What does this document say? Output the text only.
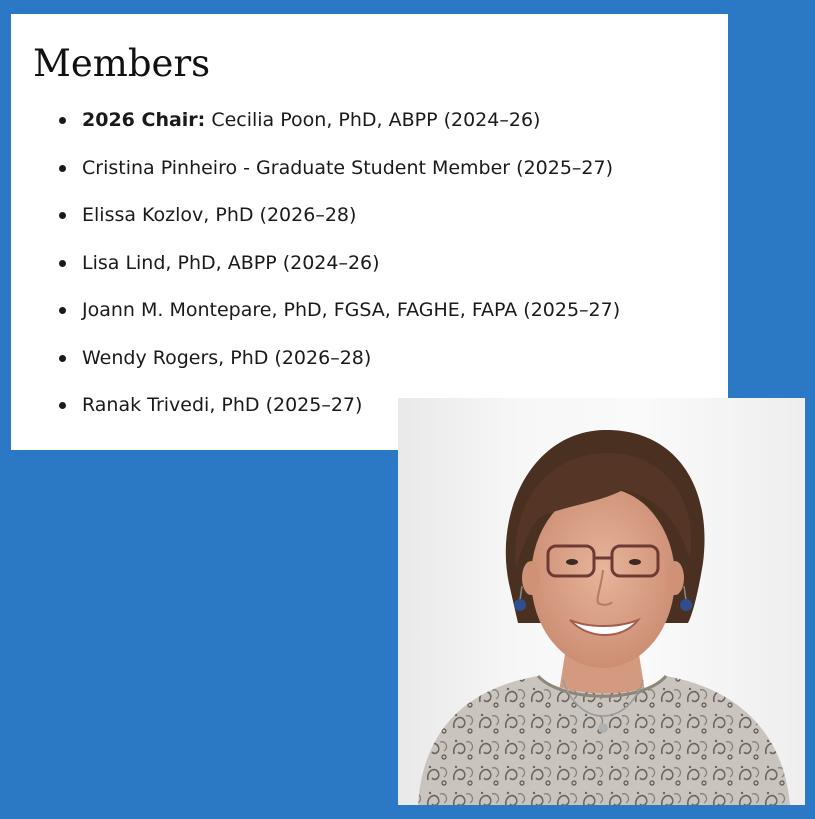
Members
2026 Chair: Cecilia Poon, PhD, ABPP (2024–26)
Cristina Pinheiro - Graduate Student Member (2025–27)
Elissa Kozlov, PhD (2026–28)
Lisa Lind, PhD, ABPP (2024–26)
Joann M. Montepare, PhD, FGSA, FAGHE, FAPA (2025–27)
Wendy Rogers, PhD (2026–28)
Ranak Trivedi, PhD (2025–27)
